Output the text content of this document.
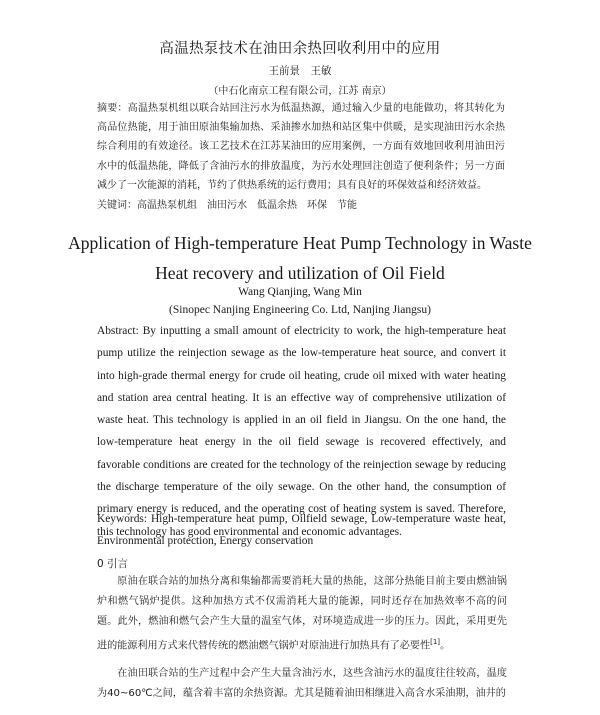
高温热泵技术在油田余热回收利用中的应用
王前景　王敏
（中石化南京工程有限公司，江苏 南京）
摘要：高温热泵机组以联合站回注污水为低温热源，通过输入少量的电能做功，将其转化为高品位热能，用于油田原油集输加热、采油掺水加热和站区集中供暖，是实现油田污水余热综合利用的有效途径。该工艺技术在江苏某油田的应用案例，一方面有效地回收利用油田污水中的低温热能，降低了含油污水的排放温度，为污水处理回注创造了便利条件；另一方面减少了一次能源的消耗，节约了供热系统的运行费用；具有良好的环保效益和经济效益。
关键词：高温热泵机组　油田污水　低温余热　环保　节能
Application of High-temperature Heat Pump Technology in Waste Heat recovery and utilization of Oil Field
Wang Qianjing, Wang Min
(Sinopec Nanjing Engineering Co. Ltd, Nanjing Jiangsu)
Abstract: By inputting a small amount of electricity to work, the high-temperature heat pump utilize the reinjection sewage as the low-temperature heat source, and convert it into high-grade thermal energy for crude oil heating, crude oil mixed with water heating and station area central heating. It is an effective way of comprehensive utilization of waste heat. This technology is applied in an oil field in Jiangsu. On the one hand, the low-temperature heat energy in the oil field sewage is recovered effectively, and favorable conditions are created for the technology of the reinjection sewage by reducing the discharge temperature of the oily sewage. On the other hand, the consumption of primary energy is reduced, and the operating cost of heating system is saved. Therefore, this technology has good environmental and economic advantages.
Keywords: High-temperature heat pump, Oilfield sewage, Low-temperature waste heat, Environmental protection, Energy conservation
0 引言

原油在联合站的加热分离和集输都需要消耗大量的热能，这部分热能目前主要由燃油锅炉和燃气锅炉提供。这种加热方式不仅需消耗大量的能源，同时还存在加热效率不高的问题。此外，燃油和燃气会产生大量的温室气体，对环境造成进一步的压力。因此，采用更先进的能源利用方式来代替传统的燃油燃气锅炉对原油进行加热具有了必要性[1]。

在油田联合站的生产过程中会产生大量含油污水，这些含油污水的温度往往较高，温度为40~60℃之间，蕴含着丰富的余热资源。尤其是随着油田相继进入高含水采油期，油井的
